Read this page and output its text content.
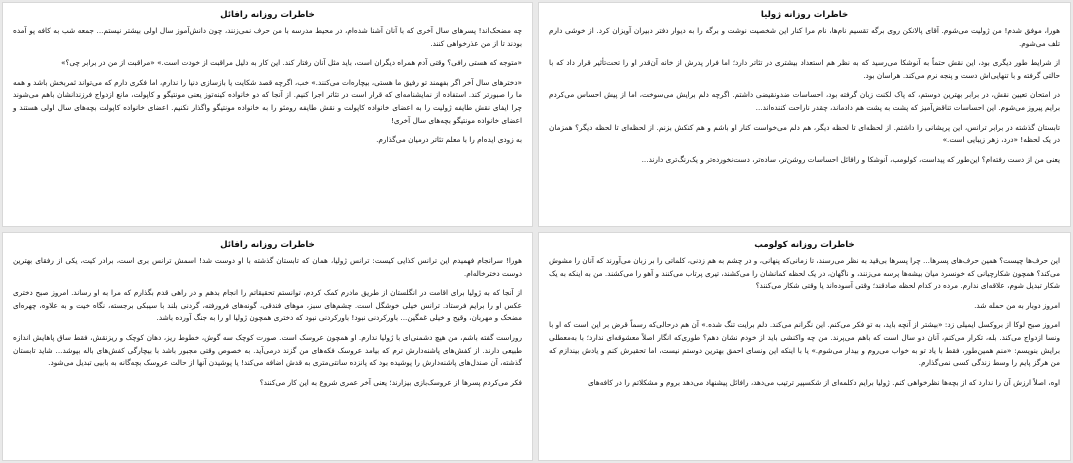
خاطرات روزانه ژولیا

هورا، موفق شدم! من ژولیت می‌شوم. آقای پالانکن روی برگه تقسیم نام‌ها، نام مرا کنار این شخصیت نوشت و برگه را به دیوار دفتر دبیران آویزان کرد. از خوشی دارم تلف می‌شوم.

از شرایط طور دیگری بود، این نقش حتماً به آنوشکا می‌رسید که به نظر هم استعداد بیشتری در تئاتر دارد؛ اما فرار پدرش از خانه آن‌قدر او را تحت‌تأثیر قرار داد که با حالتی گرفته و با تنهایی‌اش دست و پنجه نرم می‌کند. هراسان بود.

در امتحان تعیین نقش، در برابر بهترین دوستم، که پاک لکنت زبان گرفته بود، احساسات ضدونقیضی داشتم. اگرچه دلم برایش می‌سوخت، اما از پیش احساس می‌کردم برایم پیروز می‌شوم. این احساسات تناقض‌آمیز که پشت به پشت هم دادماند، چقدر ناراحت کننده‌اند...

تابستان گذشته در برابر ترانس، این پریشانی را داشتم. از لحظه‌ای تا لحظه دیگر، هم دلم می‌خواست کنار او باشم و هم کنکش بزنم. از لحظه‌ای تا لحظه دیگر؟ همزمان در یک لحظه! «درد، زهر زیبایی است.»

یعنی من از دست رفته‌ام؟ این‌طور که پیداست، کولومب، آنوشکا و رافائل احساسات روشن‌تر، ساده‌تر، دست‌نخورده‌تر و یک‌رنگ‌تری دارند...

خاطرات روزانه رافائل

چه مضحک‌اند! پسرهای سال آخری که با آنان آشنا شده‌ام، در محیط مدرسه با من حرف نمی‌زنند، چون دانش‌آموز سال اولی بیشتر نیستم... جمعه شب به کافه پو آمده بودند تا از من عذرخواهی کنند.

«متوجه که هستی رافی؟ وقتی آدم همراه دیگران است، باید مثل آنان رفتار کند. این کار به دلیل مراقبت از خودت است.» «مراقبت از من در برابر چی؟»

«دخترهای سال آخر اگر بفهمند تو رفیق ما هستی، بیچاره‌ات می‌کنند.» خب، اگرچه قصد شکایت یا بازسازی دنیا را ندارم، اما فکری دارم که می‌تواند ثمربخش باشد و همه ما را صبورتر کند. استفاده از نمایشنامه‌ای که قرار است در تئاتر اجرا کنیم. از آنجا که دو خانواده کینه‌توز یعنی مونتیگو و کاپولت، مانع ازدواج فرزندانشان باهم می‌شوند چرا ایفای نقش طایفه ژولیت را به اعضای خانواده کاپولت و نقش طایفه رومئو را به خانواده مونتیگو واگذار نکنیم. اعضای خانواده کاپولت بچه‌های سال اولی هستند و اعضای خانواده مونتیگو بچه‌های سال آخری!

به زودی ایده‌ام را با معلم تئاتر درمیان می‌گذارم.

خاطرات روزانه کولومب

این حرف‌ها چیست؟ همین حرف‌های پسرها... چرا پسرها بی‌قید به نظر می‌رسند، تا زمانی‌که پنهانی، و در چشم به هم زدنی، کلماتی را بر زبان می‌آورند که آنان را مشوش می‌کند؟ همچون شکارچیانی که خونسرد میان بیشه‌ها پرسه می‌زنند، و ناگهان، در یک لحظه کمانشان را می‌کشند، تیری پرتاب می‌کنند و آهو را می‌کشند. من به اینکه به یک شکار تبدیل شوم، علاقه‌ای ندارم. مرده در کدام لحظه صادقند؛ وقتی آسوده‌اند یا وقتی شکار می‌کنند؟

امروز دوبار به من حمله شد.

امروز صبح لوکا از بروکسل ایمیلی زد: «بیشتر از آنچه باید، به تو فکر می‌کنم. این نگرانم می‌کند. دلم برایت تنگ شده.» آن هم درحالی‌که رسماً قرض بر این است که او با ونسا ازدواج می‌کند. بله، تکرار می‌کنم، آنان دو سال است که باهم می‌پرند. من چه واکنشی باید از خودم نشان دهم؟ طوری‌که انگار اصلاً معشوقه‌ای ندارد؛ با به‌معطلی برایش بنویسم: «منم همین‌طور، فقط با یاد تو به خواب می‌روم و بیدار می‌شوم.» یا با اینکه این ونسای احمق بهترین دوستم نیست، اما تحقیرش کنم و یادش بیندازم که من هرگز پایم را وسط زندگی کسی نمی‌گذارم.

اوه، اصلاً ارزش آن را ندارد که از بچه‌ها نظرخواهی کنم. ژولیا برایم دکلمه‌ای از شکسپیر ترتیب می‌دهد، رافائل پیشنهاد می‌دهد بروم و مشکلاتم را در کافه‌های

خاطرات روزانه رافائل

هورا! سرانجام فهمیدم این ترانس کذایی کیست: ترانس ژولیا، همان که تابستان گذشته با او دوست شد! اسمش ترانس بری است، برادر کیت، یکی از رفقای بهترین دوست دخترخاله‌ام.

از آنجا که به ژولیا برای اقامت در انگلستان از طریق مادرم کمک کردم، توانستم تحقیقاتم را انجام بدهم و در راهی قدم بگذارم که مرا به او رساند. امروز صبح دختری عکس او را برایم فرستاد. ترانس خیلی خوشگل است. چشم‌های سبز، موهای فندقی، گونه‌های فرورفته، گردنی بلند با سیبکی برجسته، نگاه خیت و به علاوه، چهره‌ای مضحک و مهربان، وقیح و خیلی غمگین... باورکردنی نبود! باورکردنی نبود که دختری همچون ژولیا او را به جنگ آورده باشد.

روراست گفته باشم، من هیچ دشمنی‌ای با ژولیا ندارم. او همچون عروسک است. صورت کوچک سه گوش، خطوط ریز، دهان کوچک و ریزنقش، فقط ساق پاهایش اندازه طبیعی دارند. از کفش‌های پاشنه‌دارش ترم که بیامد عروسک فکه‌های من گزند درمی‌آید. به خصوص وقتی مجبور باشد با بیچارگی کفش‌های باله بپوشد... شاید تابستان گذشته، آن صندل‌های پاشنه‌دارش را پوشیده بود که پانزده سانتی‌متری به قدش اضافه می‌کند! یا پوشیدن آنها از حالت عروسک بچه‌گانه به بابیی تبدیل می‌شود.

فکر می‌کردم پسرها از عروسک‌بازی بیزارند؛ یعنی آخر عمری شروع به این کار می‌کنند؟
